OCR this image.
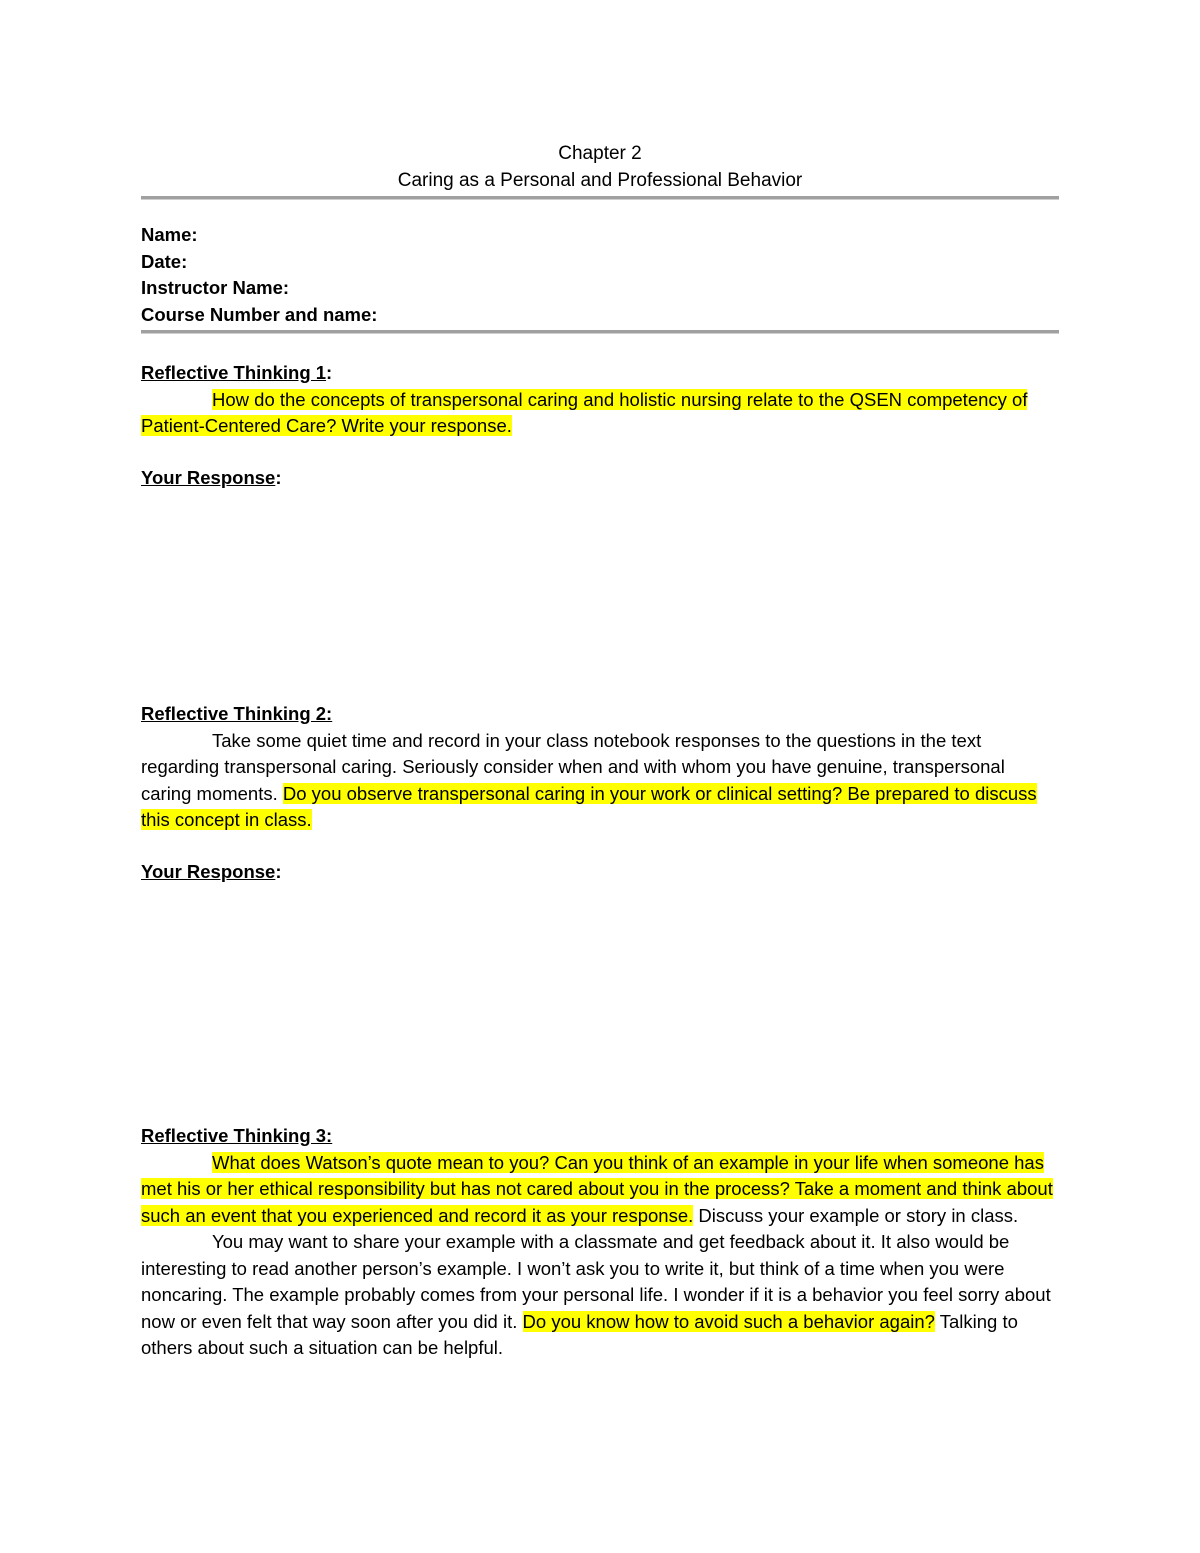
Chapter 2
Caring as a Personal and Professional Behavior
Name:
Date:
Instructor Name:
Course Number and name:
Reflective Thinking 1:

How do the concepts of transpersonal caring and holistic nursing relate to the QSEN competency of Patient-Centered Care? Write your response.

Your Response:
Reflective Thinking 2:

Take some quiet time and record in your class notebook responses to the questions in the text regarding transpersonal caring. Seriously consider when and with whom you have genuine, transpersonal caring moments. Do you observe transpersonal caring in your work or clinical setting? Be prepared to discuss this concept in class.

Your Response:
Reflective Thinking 3:

What does Watson’s quote mean to you? Can you think of an example in your life when someone has met his or her ethical responsibility but has not cared about you in the process? Take a moment and think about such an event that you experienced and record it as your response. Discuss your example or story in class.

You may want to share your example with a classmate and get feedback about it. It also would be interesting to read another person’s example. I won’t ask you to write it, but think of a time when you were noncaring. The example probably comes from your personal life. I wonder if it is a behavior you feel sorry about now or even felt that way soon after you did it. Do you know how to avoid such a behavior again? Talking to others about such a situation can be helpful.
